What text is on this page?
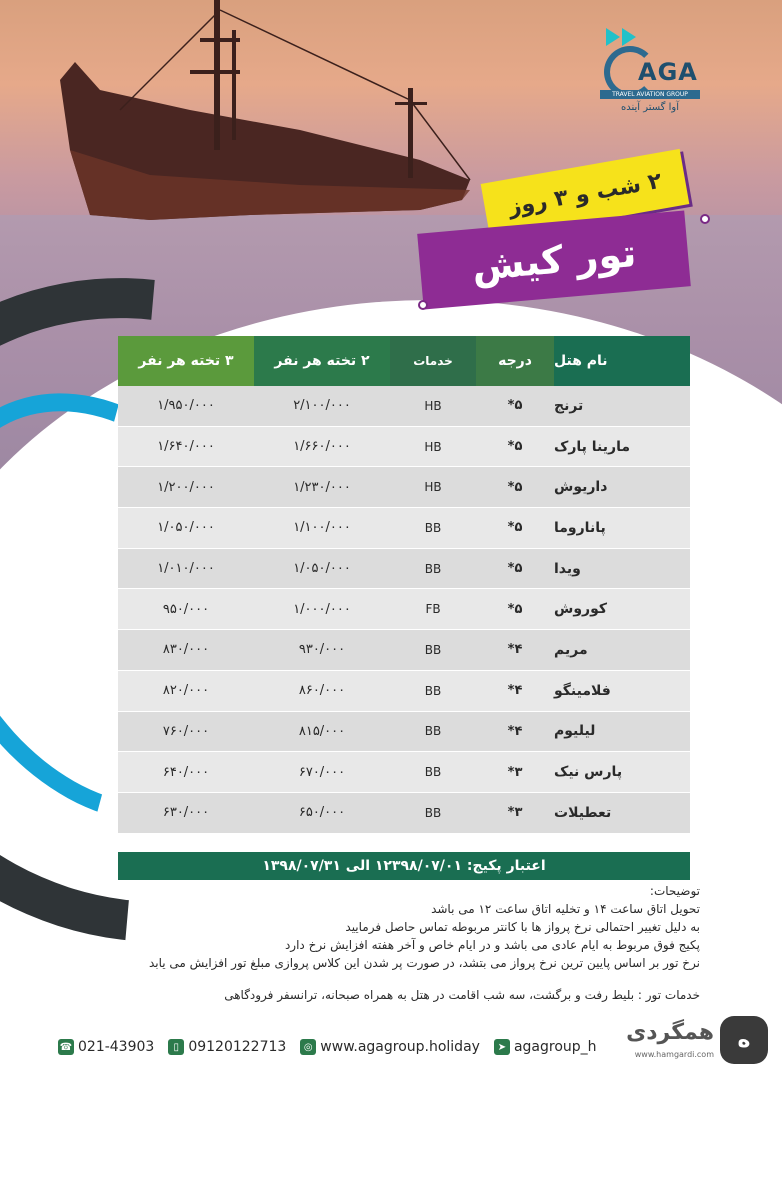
AGA
TRAVEL AVIATION GROUP
آوا گستر آینده
۲ شب و ۳ روز
تور کیش
۳ تخته هر نفر	۲ تخته هر نفر	خدمات	درجه	نام هتل
۱/۹۵۰/۰۰۰	۲/۱۰۰/۰۰۰	HB	۵*	ترنج
۱/۶۴۰/۰۰۰	۱/۶۶۰/۰۰۰	HB	۵*	مارینا پارک
۱/۲۰۰/۰۰۰	۱/۲۳۰/۰۰۰	HB	۵*	داریوش
۱/۰۵۰/۰۰۰	۱/۱۰۰/۰۰۰	BB	۵*	پاناروما
۱/۰۱۰/۰۰۰	۱/۰۵۰/۰۰۰	BB	۵*	ویدا
۹۵۰/۰۰۰	۱/۰۰۰/۰۰۰	FB	۵*	کوروش
۸۳۰/۰۰۰	۹۳۰/۰۰۰	BB	۴*	مریم
۸۲۰/۰۰۰	۸۶۰/۰۰۰	BB	۴*	فلامینگو
۷۶۰/۰۰۰	۸۱۵/۰۰۰	BB	۴*	لیلیوم
۶۴۰/۰۰۰	۶۷۰/۰۰۰	BB	۳*	پارس نیک
۶۳۰/۰۰۰	۶۵۰/۰۰۰	BB	۳*	تعطیلات
اعتبار پکیج: ۱۲۳۹۸/۰۷/۰۱ الی ۱۳۹۸/۰۷/۳۱
توضیحات:
تحویل اتاق ساعت ۱۴ و تخلیه اتاق ساعت ۱۲ می باشد
به دلیل تغییر احتمالی نرخ پرواز ها با کانتر مربوطه تماس حاصل فرمایید
پکیج فوق مربوط به ایام عادی می باشد و در ایام خاص و آخر هفته افزایش نرخ دارد
نرخ تور بر اساس پایین ترین نرخ پرواز می بتشد، در صورت پر شدن این کلاس پروازی مبلغ تور افزایش می یابد
خدمات تور : بلیط رفت و برگشت، سه شب اقامت در هتل به همراه صبحانه، ترانسفر فرودگاهی
☎ 021-43903	▯ 09120122713	◎ www.agagroup.holiday	➤ agagroup_h	ه
همگردی
www.hamgardi.com
